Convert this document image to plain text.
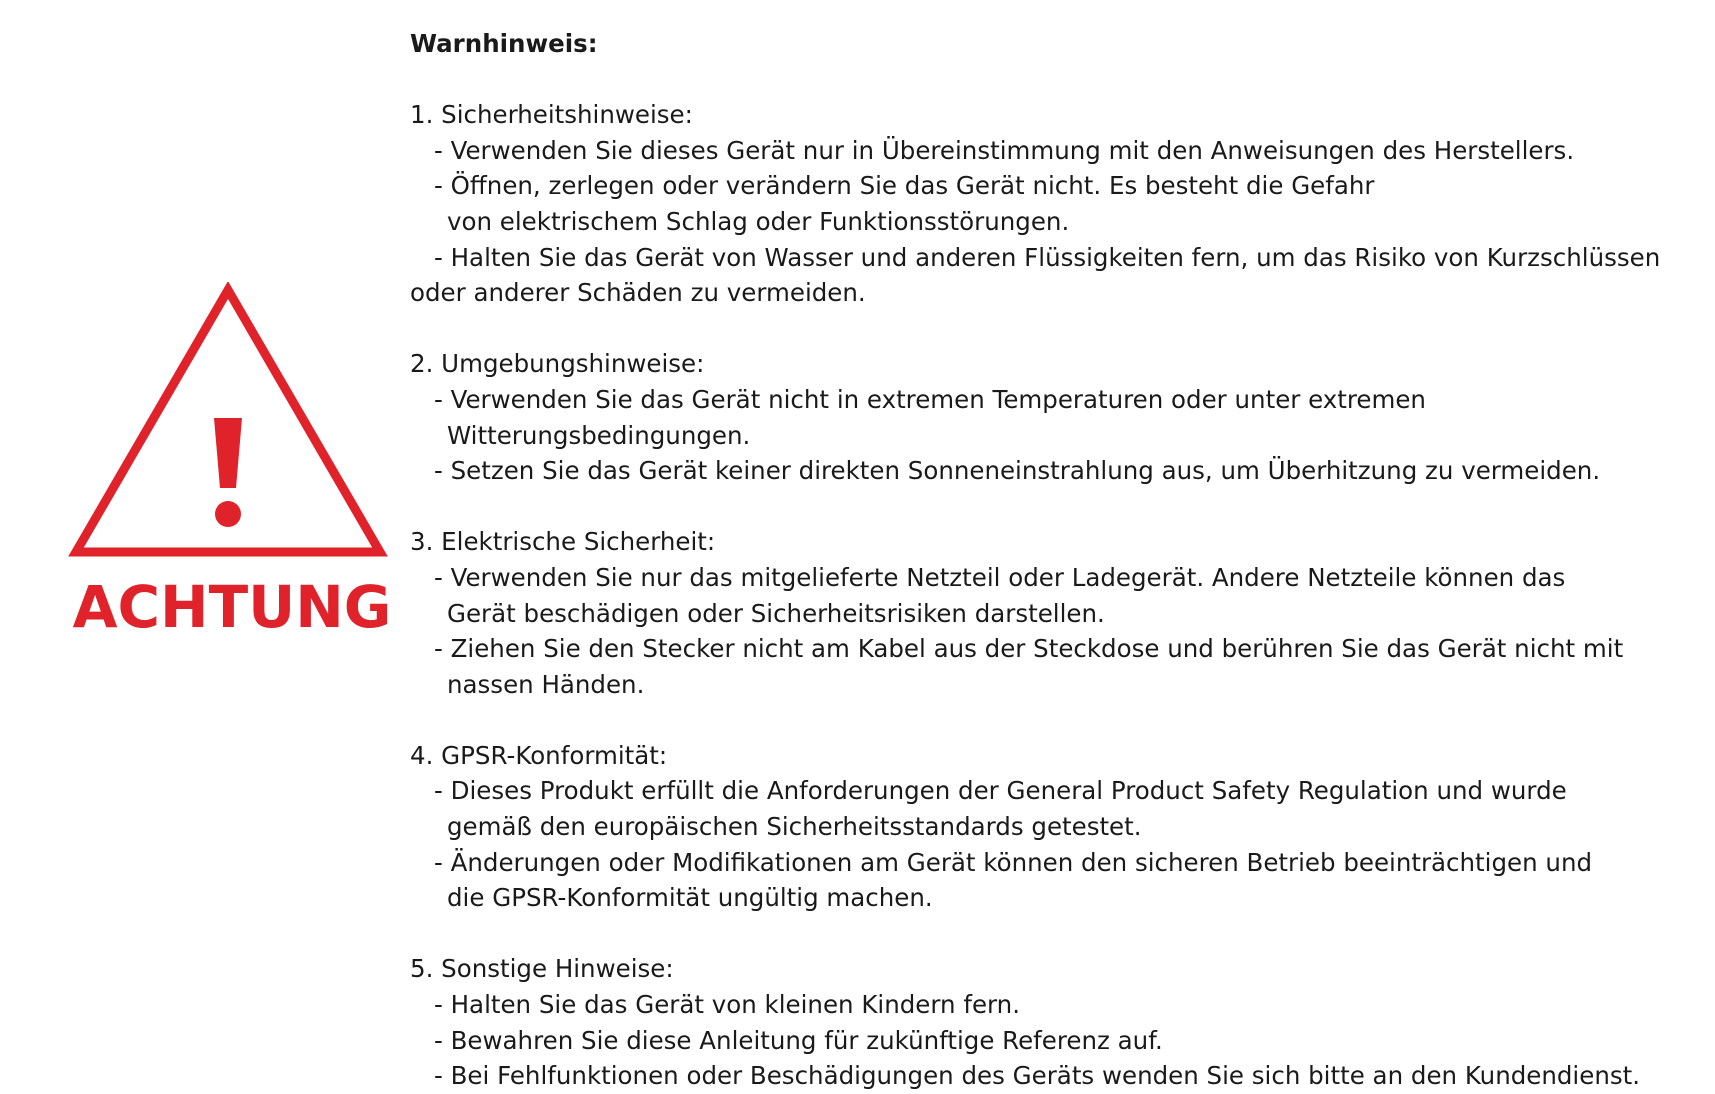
ACHTUNG

Warnhinweis:

1. Sicherheitshinweise:

- Verwenden Sie dieses Gerät nur in Übereinstimmung mit den Anweisungen des Herstellers.

- Öffnen, zerlegen oder verändern Sie das Gerät nicht. Es besteht die Gefahr von elektrischem Schlag oder Funktionsstörungen.

- Halten Sie das Gerät von Wasser und anderen Flüssigkeiten fern, um das Risiko von Kurzschlüssen oder anderer Schäden zu vermeiden.

2. Umgebungshinweise:

- Verwenden Sie das Gerät nicht in extremen Temperaturen oder unter extremen Witterungsbedingungen.

- Setzen Sie das Gerät keiner direkten Sonneneinstrahlung aus, um Überhitzung zu vermeiden.

3. Elektrische Sicherheit:

- Verwenden Sie nur das mitgelieferte Netzteil oder Ladegerät. Andere Netzteile können das Gerät beschädigen oder Sicherheitsrisiken darstellen.

- Ziehen Sie den Stecker nicht am Kabel aus der Steckdose und berühren Sie das Gerät nicht mit nassen Händen.

4. GPSR-Konformität:

- Dieses Produkt erfüllt die Anforderungen der General Product Safety Regulation und wurde gemäß den europäischen Sicherheitsstandards getestet.

- Änderungen oder Modifikationen am Gerät können den sicheren Betrieb beeinträchtigen und die GPSR-Konformität ungültig machen.

5. Sonstige Hinweise:

- Halten Sie das Gerät von kleinen Kindern fern.

- Bewahren Sie diese Anleitung für zukünftige Referenz auf.

- Bei Fehlfunktionen oder Beschädigungen des Geräts wenden Sie sich bitte an den Kundendienst.
